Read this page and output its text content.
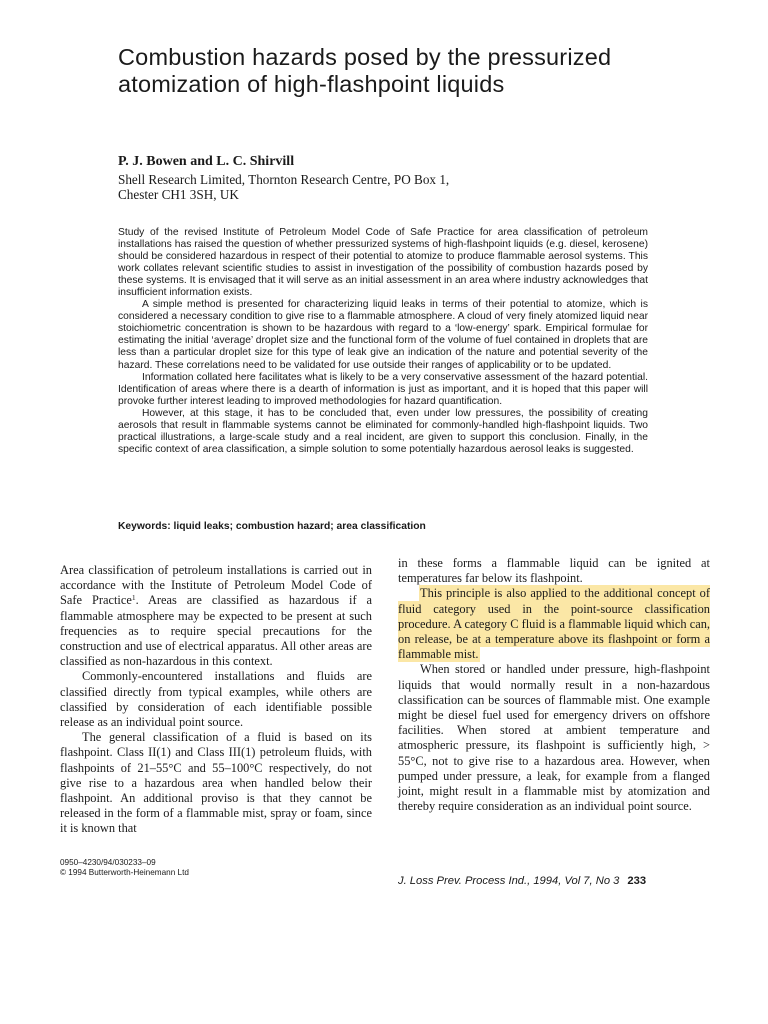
Combustion hazards posed by the pressurized atomization of high-flashpoint liquids
P. J. Bowen and L. C. Shirvill
Shell Research Limited, Thornton Research Centre, PO Box 1,
Chester CH1 3SH, UK

Study of the revised Institute of Petroleum Model Code of Safe Practice for area classification of petroleum installations has raised the question of whether pressurized systems of high-flashpoint liquids (e.g. diesel, kerosene) should be considered hazardous in respect of their potential to atomize to produce flammable aerosol systems. This work collates relevant scientific studies to assist in investigation of the possibility of combustion hazards posed by these systems. It is envisaged that it will serve as an initial assessment in an area where industry acknowledges that insufficient information exists.

A simple method is presented for characterizing liquid leaks in terms of their potential to atomize, which is considered a necessary condition to give rise to a flammable atmosphere. A cloud of very finely atomized liquid near stoichiometric concentration is shown to be hazardous with regard to a ‘low-energy’ spark. Empirical formulae for estimating the initial ‘average’ droplet size and the functional form of the volume of fuel contained in droplets that are less than a particular droplet size for this type of leak give an indication of the nature and potential severity of the hazard. These correlations need to be validated for use outside their ranges of applicability or to be updated.

Information collated here facilitates what is likely to be a very conservative assessment of the hazard potential. Identification of areas where there is a dearth of information is just as important, and it is hoped that this paper will provoke further interest leading to improved methodologies for hazard quantification.

However, at this stage, it has to be concluded that, even under low pressures, the possibility of creating aerosols that result in flammable systems cannot be eliminated for commonly-handled high-flashpoint liquids. Two practical illustrations, a large-scale study and a real incident, are given to support this conclusion. Finally, in the specific context of area classification, a simple solution to some potentially hazardous aerosol leaks is suggested.

Keywords: liquid leaks; combustion hazard; area classification

Area classification of petroleum installations is carried out in accordance with the Institute of Petroleum Model Code of Safe Practice$^1$. Areas are classified as hazardous if a flammable atmosphere may be expected to be present at such frequencies as to require special precautions for the construction and use of electrical apparatus. All other areas are classified as non-hazardous in this context.

Commonly-encountered installations and fluids are classified directly from typical examples, while others are classified by consideration of each identifiable possible release as an individual point source.

The general classification of a fluid is based on its flashpoint. Class II(1) and Class III(1) petroleum fluids, with flashpoints of 21–55°C and 55–100°C respectively, do not give rise to a hazardous area when handled below their flashpoint. An additional proviso is that they cannot be released in the form of a flammable mist, spray or foam, since it is known that

in these forms a flammable liquid can be ignited at temperatures far below its flashpoint.

This principle is also applied to the additional concept of fluid category used in the point-source classification procedure. A category C fluid is a flammable liquid which can, on release, be at a temperature above its flashpoint or form a flammable mist.

When stored or handled under pressure, high-flashpoint liquids that would normally result in a non-hazardous classification can be sources of flammable mist. One example might be diesel fuel used for emergency drivers on offshore facilities. When stored at ambient temperature and atmospheric pressure, its flashpoint is sufficiently high, > 55°C, not to give rise to a hazardous area. However, when pumped under pressure, a leak, for example from a flanged joint, might result in a flammable mist by atomization and thereby require consideration as an individual point source.

0950–4230/94/030233–09
© 1994 Butterworth-Heinemann Ltd
J. Loss Prev. Process Ind., 1994, Vol 7, No 3 233
